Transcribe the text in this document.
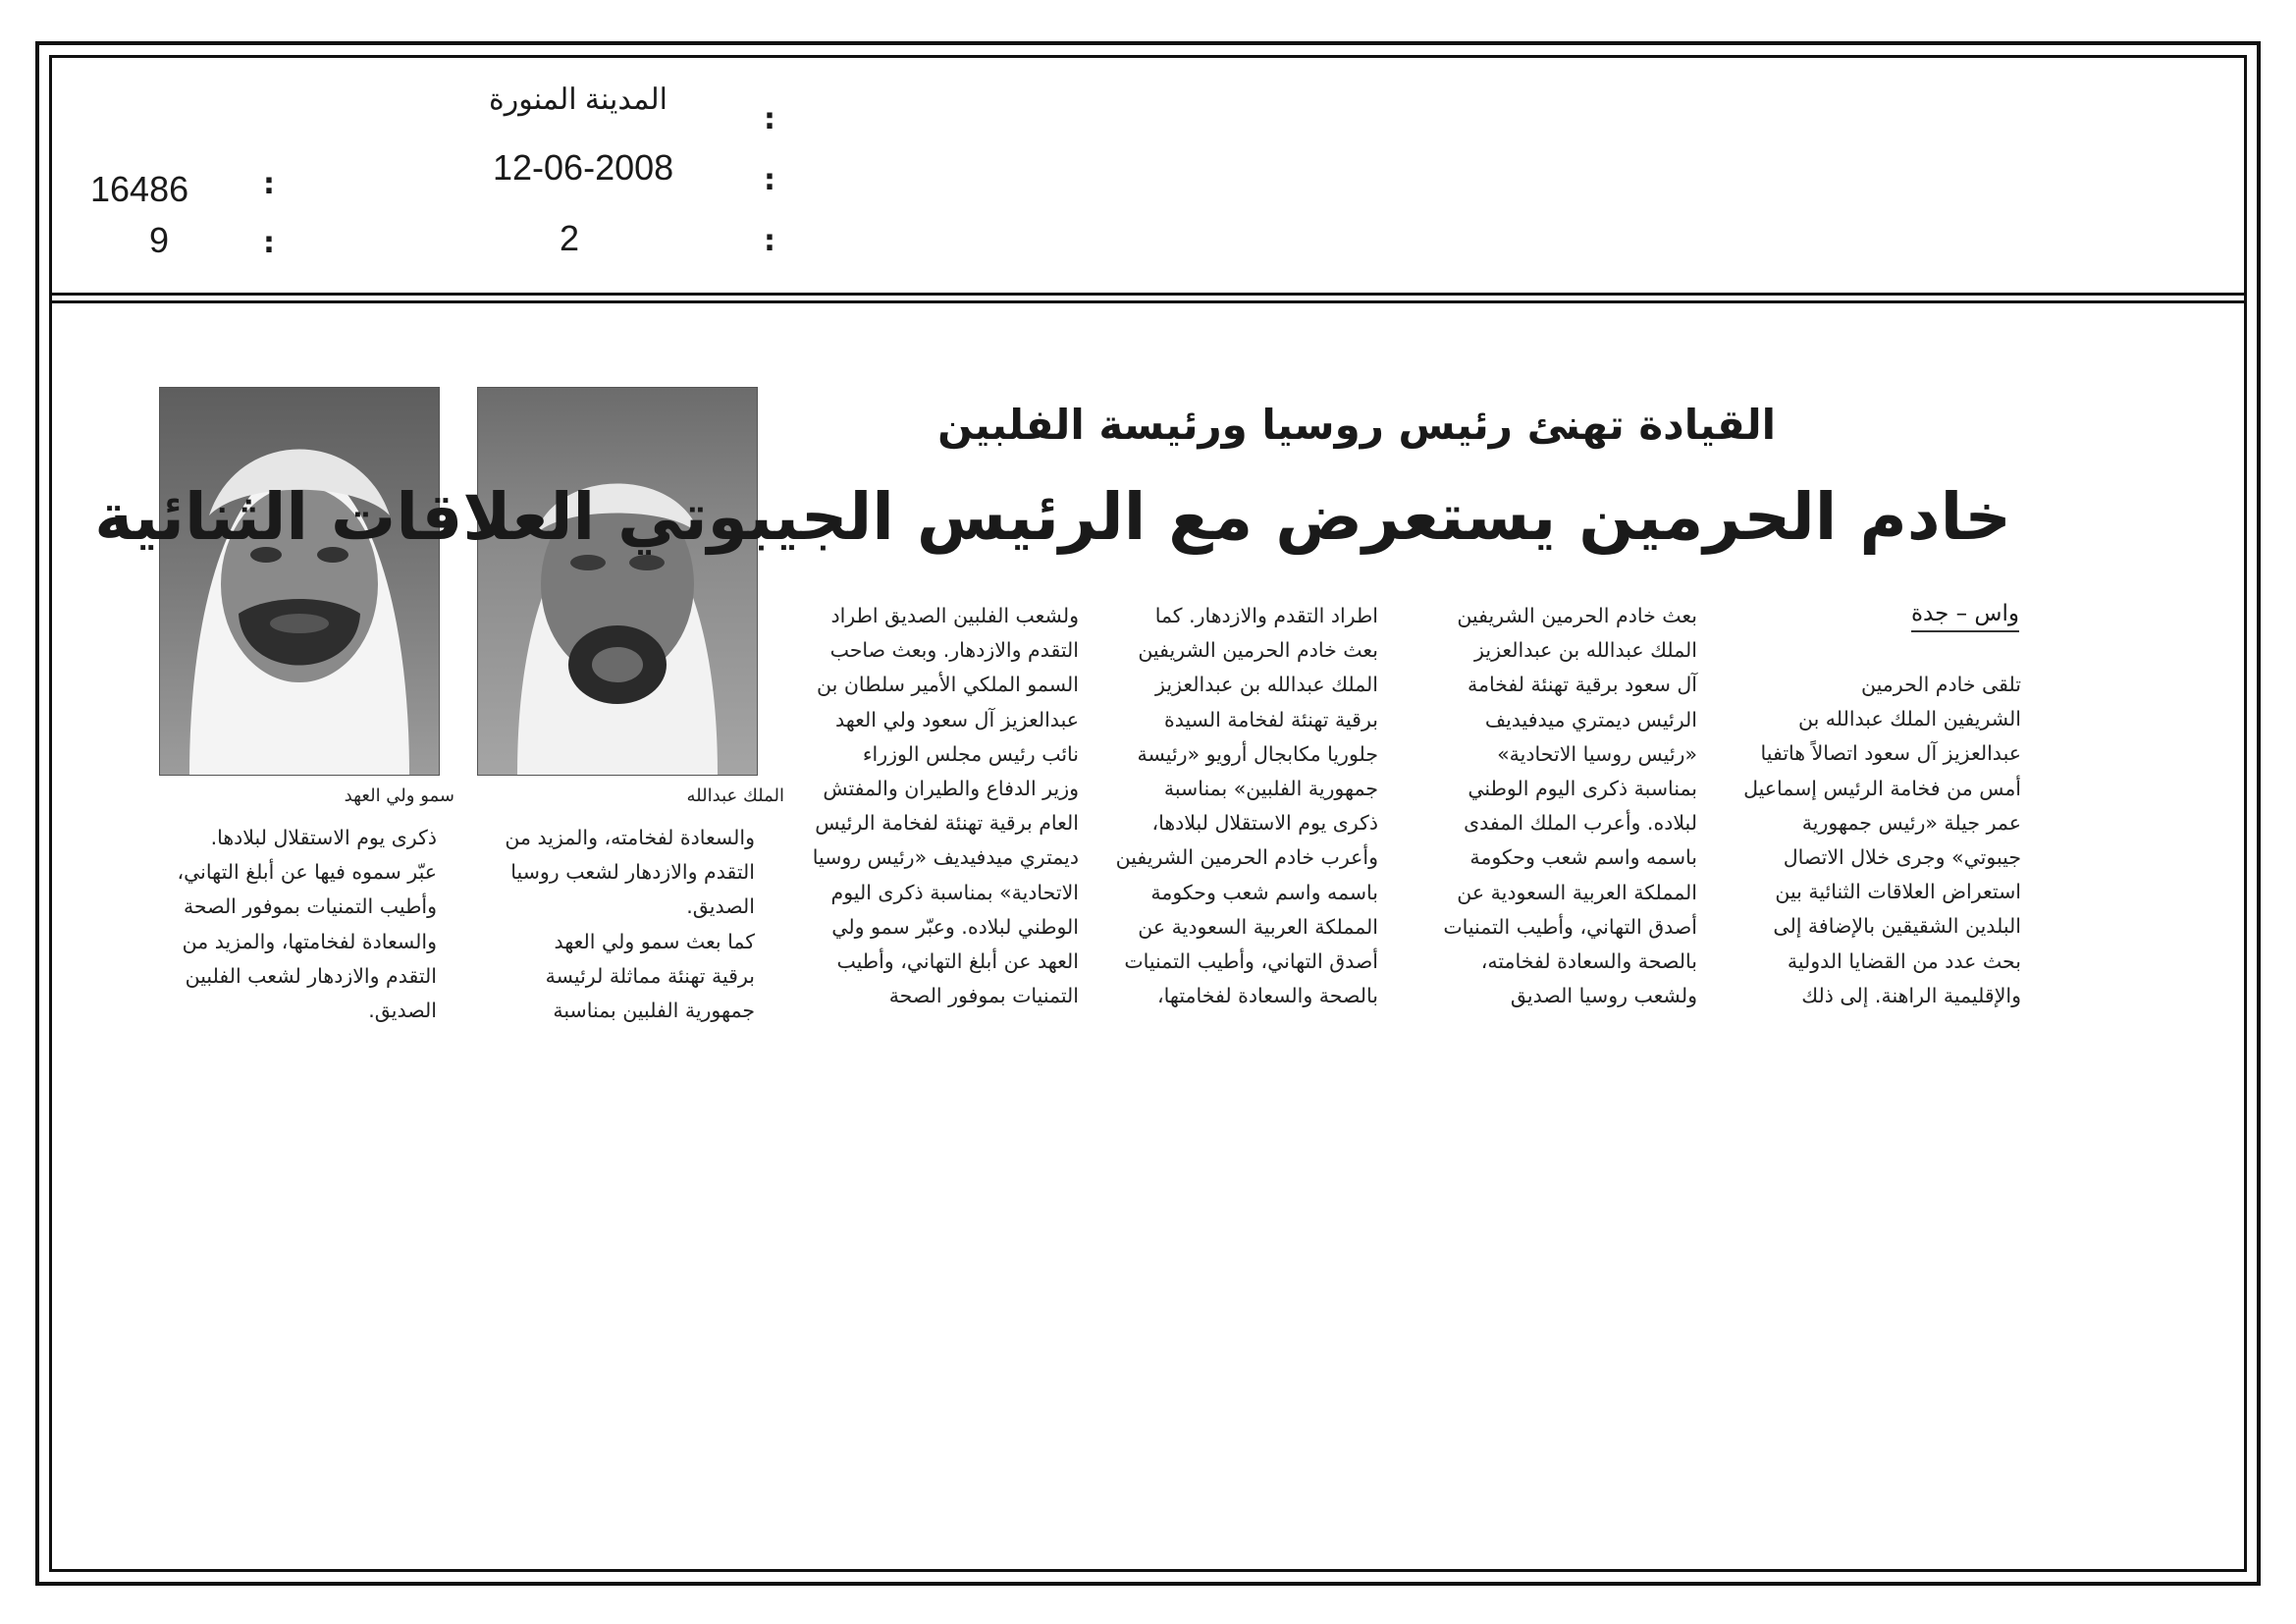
:
المدينة المنورة
:
12-06-2008
:
2
:
16486
:
9
الملك عبدالله
سمو ولي العهد
القيادة تهنئ رئيس روسيا ورئيسة الفلبين
خادم الحرمين يستعرض مع الرئيس الجيبوتي العلاقات الثنائية
واس – جدة
تلقى خادم الحرمين
الشريفين الملك عبدالله بن
عبدالعزيز آل سعود اتصالاً هاتفيا
أمس من فخامة الرئيس إسماعيل
عمر جيلة «رئيس جمهورية
جيبوتي» وجرى خلال الاتصال
استعراض العلاقات الثنائية بين
البلدين الشقيقين بالإضافة إلى
بحث عدد من القضايا الدولية
والإقليمية الراهنة. إلى ذلك
بعث خادم الحرمين الشريفين
الملك عبدالله بن عبدالعزيز
آل سعود برقية تهنئة لفخامة
الرئيس ديمتري ميدفيديف
«رئيس روسيا الاتحادية»
بمناسبة ذكرى اليوم الوطني
لبلاده. وأعرب الملك المفدى
باسمه واسم شعب وحكومة
المملكة العربية السعودية عن
أصدق التهاني، وأطيب التمنيات
بالصحة والسعادة لفخامته،
ولشعب روسيا الصديق
اطراد التقدم والازدهار. كما
بعث خادم الحرمين الشريفين
الملك عبدالله بن عبدالعزيز
برقية تهنئة لفخامة السيدة
جلوريا مكابجال أرويو «رئيسة
جمهورية الفلبين» بمناسبة
ذكرى يوم الاستقلال لبلادها،
وأعرب خادم الحرمين الشريفين
باسمه واسم شعب وحكومة
المملكة العربية السعودية عن
أصدق التهاني، وأطيب التمنيات
بالصحة والسعادة لفخامتها،
ولشعب الفلبين الصديق اطراد
التقدم والازدهار. وبعث صاحب
السمو الملكي الأمير سلطان بن
عبدالعزيز آل سعود ولي العهد
نائب رئيس مجلس الوزراء
وزير الدفاع والطيران والمفتش
العام برقية تهنئة لفخامة الرئيس
ديمتري ميدفيديف «رئيس روسيا
الاتحادية» بمناسبة ذكرى اليوم
الوطني لبلاده. وعبّر سمو ولي
العهد عن أبلغ التهاني، وأطيب
التمنيات بموفور الصحة
والسعادة لفخامته، والمزيد من
التقدم والازدهار لشعب روسيا
الصديق.
كما بعث سمو ولي العهد
برقية تهنئة مماثلة لرئيسة
جمهورية الفلبين بمناسبة
ذكرى يوم الاستقلال لبلادها.
عبّر سموه فيها عن أبلغ التهاني،
وأطيب التمنيات بموفور الصحة
والسعادة لفخامتها، والمزيد من
التقدم والازدهار لشعب الفلبين
الصديق.
